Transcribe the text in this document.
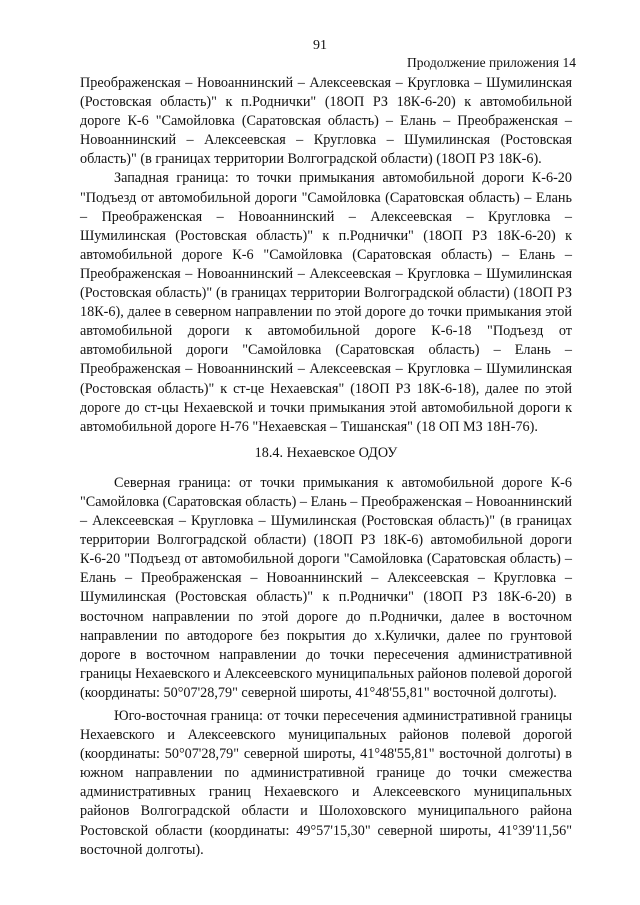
91
Продолжение приложения 14

Преображенская – Новоаннинский – Алексеевская – Кругловка – Шумилинская (Ростовская область)" к п.Роднички" (18ОП РЗ 18К-6-20) к автомобильной дороге К-6 "Самойловка (Саратовская область) – Елань – Преображенская – Новоаннинский – Алексеевская – Кругловка – Шумилинская (Ростовская область)" (в границах территории Волгоградской области) (18ОП РЗ 18К-6).

Западная граница: то точки примыкания автомобильной дороги К-6-20 "Подъезд от автомобильной дороги "Самойловка (Саратовская область) – Елань – Преображенская – Новоаннинский – Алексеевская – Кругловка – Шумилинская (Ростовская область)" к п.Роднички" (18ОП РЗ 18К-6-20) к автомобильной дороге К-6 "Самойловка (Саратовская область) – Елань – Преображенская – Новоаннинский – Алексеевская – Кругловка – Шумилинская (Ростовская область)" (в границах территории Волгоградской области) (18ОП РЗ 18К-6), далее в северном направлении по этой дороге до точки примыкания этой автомобильной дороги к автомобильной дороге К-6-18 "Подъезд от автомобильной дороги "Самойловка (Саратовская область) – Елань – Преображенская – Новоаннинский – Алексеевская – Кругловка – Шумилинская (Ростовская область)" к ст-це Нехаевская" (18ОП РЗ 18К-6-18), далее по этой дороге до ст-цы Нехаевской и точки примыкания этой автомобильной дороги к автомобильной дороге Н-76 "Нехаевская – Тишанская" (18 ОП МЗ 18Н-76).

18.4. Нехаевское ОДОУ

Северная граница: от точки примыкания к автомобильной дороге К-6 "Самойловка (Саратовская область) – Елань – Преображенская – Новоаннинский – Алексеевская – Кругловка – Шумилинская (Ростовская область)" (в границах территории Волгоградской области) (18ОП РЗ 18К-6) автомобильной дороги К-6-20 "Подъезд от автомобильной дороги "Самойловка (Саратовская область) – Елань – Преображенская – Новоаннинский – Алексеевская – Кругловка – Шумилинская (Ростовская область)" к п.Роднички" (18ОП РЗ 18К-6-20) в восточном направлении по этой дороге до п.Роднички, далее в восточном направлении по автодороге без покрытия до х.Кулички, далее по грунтовой дороге в восточном направлении до точки пересечения административной границы Нехаевского и Алексеевского муниципальных районов полевой дорогой (координаты: 50°07'28,79" северной широты, 41°48'55,81" восточной долготы).

Юго-восточная граница: от точки пересечения административной границы Нехаевского и Алексеевского муниципальных районов полевой дорогой (координаты: 50°07'28,79" северной широты, 41°48'55,81" восточной долготы) в южном направлении по административной границе до точки смежества административных границ Нехаевского и Алексеевского муниципальных районов Волгоградской области и Шолоховского муниципального района Ростовской области (координаты: 49°57'15,30" северной широты, 41°39'11,56" восточной долготы).
